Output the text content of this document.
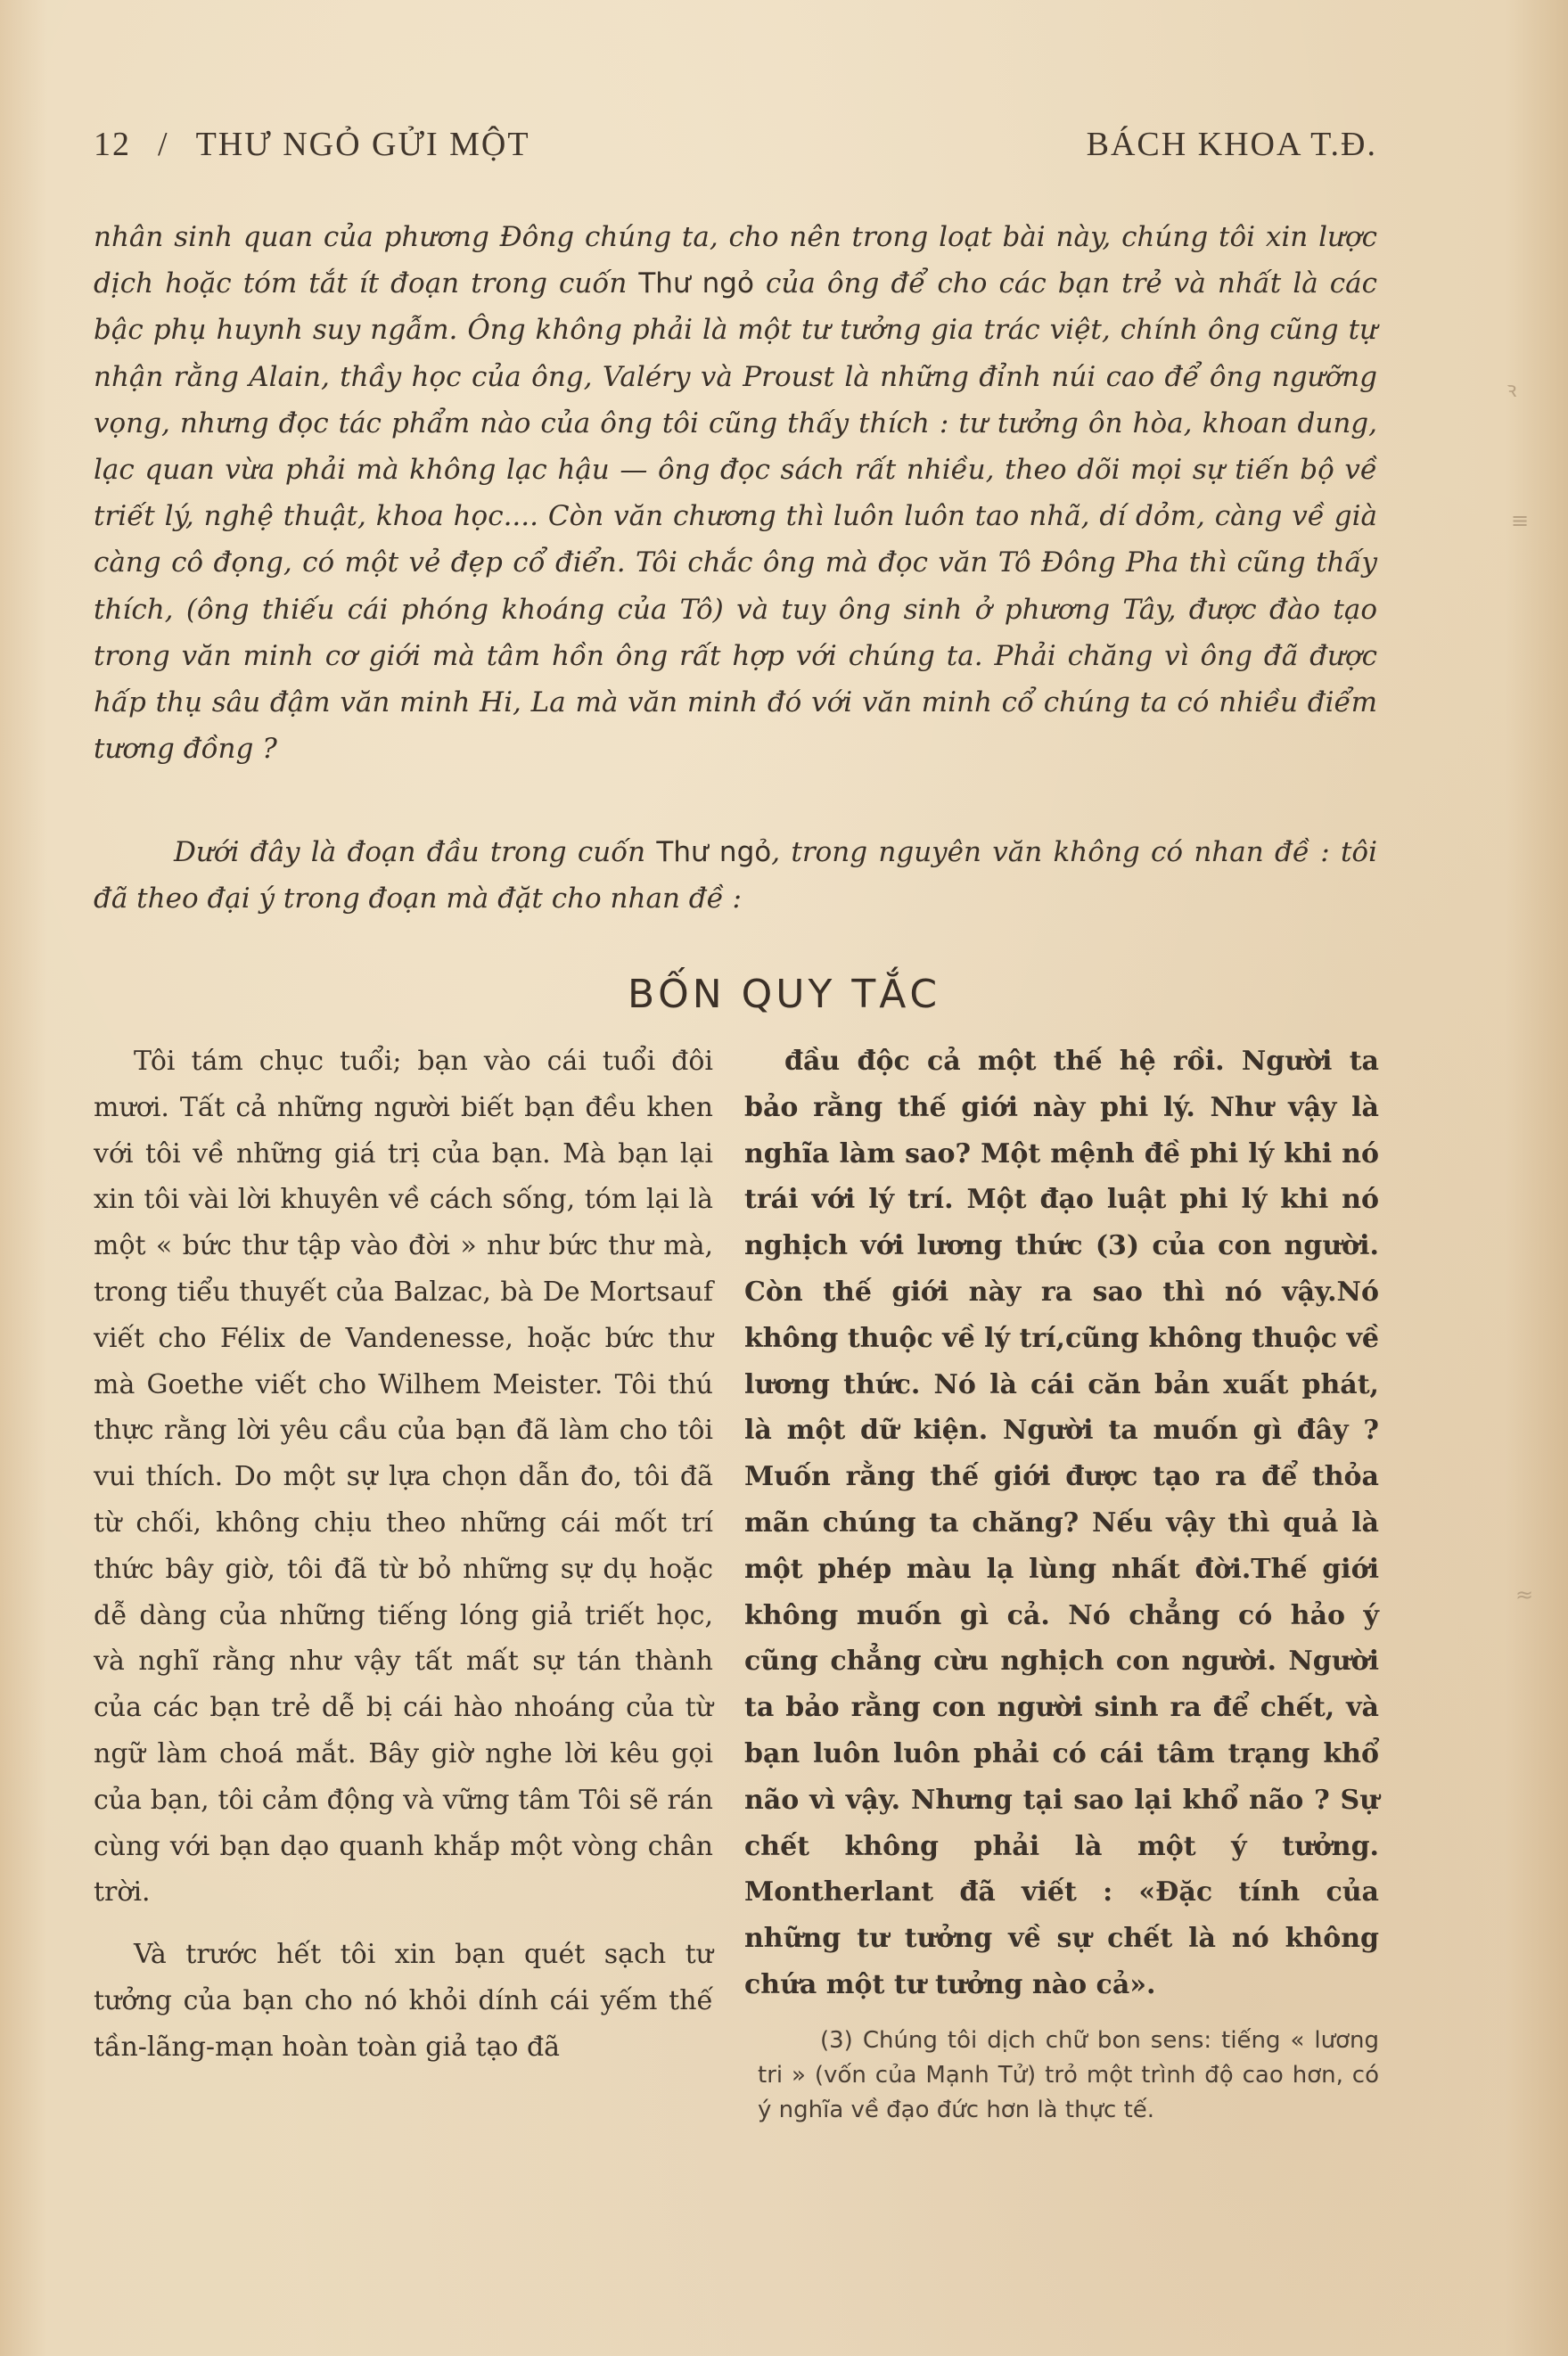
12 / THƯ NGỎ GỬI MỘT	BÁCH KHOA T.Đ.

nhân sinh quan của phương Đông chúng ta, cho nên trong loạt bài này, chúng tôi xin lược dịch hoặc tóm tắt ít đoạn trong cuốn Thư ngỏ của ông để cho các bạn trẻ và nhất là các bậc phụ huynh suy ngẫm. Ông không phải là một tư tưởng gia trác việt, chính ông cũng tự nhận rằng Alain, thầy học của ông, Valéry và Proust là những đỉnh núi cao để ông ngưỡng vọng, nhưng đọc tác phẩm nào của ông tôi cũng thấy thích : tư tưởng ôn hòa, khoan dung, lạc quan vừa phải mà không lạc hậu — ông đọc sách rất nhiều, theo dõi mọi sự tiến bộ về triết lý, nghệ thuật, khoa học.... Còn văn chương thì luôn luôn tao nhã, dí dỏm, càng về già càng cô đọng, có một vẻ đẹp cổ điển. Tôi chắc ông mà đọc văn Tô Đông Pha thì cũng thấy thích, (ông thiếu cái phóng khoáng của Tô) và tuy ông sinh ở phương Tây, được đào tạo trong văn minh cơ giới mà tâm hồn ông rất hợp với chúng ta. Phải chăng vì ông đã được hấp thụ sâu đậm văn minh Hi, La mà văn minh đó với văn minh cổ chúng ta có nhiều điểm tương đồng ?

Dưới đây là đoạn đầu trong cuốn Thư ngỏ, trong nguyên văn không có nhan đề : tôi đã theo đại ý trong đoạn mà đặt cho nhan đề :

BỐN QUY TẮC

Tôi tám chục tuổi; bạn vào cái tuổi đôi mươi. Tất cả những người biết bạn đều khen với tôi về những giá trị của bạn. Mà bạn lại xin tôi vài lời khuyên về cách sống, tóm lại là một « bức thư tập vào đời » như bức thư mà, trong tiểu thuyết của Balzac, bà De Mortsauf viết cho Félix de Vandenesse, hoặc bức thư mà Goethe viết cho Wilhem Meister. Tôi thú thực rằng lời yêu cầu của bạn đã làm cho tôi vui thích. Do một sự lựa chọn dẫn đo, tôi đã từ chối, không chịu theo những cái mốt trí thức bây giờ, tôi đã từ bỏ những sự dụ hoặc dễ dàng của những tiếng lóng giả triết học, và nghĩ rằng như vậy tất mất sự tán thành của các bạn trẻ dễ bị cái hào nhoáng của từ ngữ làm choá mắt. Bây giờ nghe lời kêu gọi của bạn, tôi cảm động và vững tâm Tôi sẽ rán cùng với bạn dạo quanh khắp một vòng chân trời.

Và trước hết tôi xin bạn quét sạch tư tưởng của bạn cho nó khỏi dính cái yếm thế tần-lãng-mạn hoàn toàn giả tạo đã

đầu độc cả một thế hệ rồi. Người ta bảo rằng thế giới này phi lý. Như vậy là nghĩa làm sao? Một mệnh đề phi lý khi nó trái với lý trí. Một đạo luật phi lý khi nó nghịch với lương thức (3) của con người. Còn thế giới này ra sao thì nó vậy.Nó không thuộc về lý trí,cũng không thuộc về lương thức. Nó là cái căn bản xuất phát, là một dữ kiện. Người ta muốn gì đây ? Muốn rằng thế giới được tạo ra để thỏa mãn chúng ta chăng? Nếu vậy thì quả là một phép màu lạ lùng nhất đời.Thế giới không muốn gì cả. Nó chẳng có hảo ý cũng chẳng cừu nghịch con người. Người ta bảo rằng con người sinh ra để chết, và bạn luôn luôn phải có cái tâm trạng khổ não vì vậy. Nhưng tại sao lại khổ não ? Sự chết không phải là một ý tưởng. Montherlant đã viết : «Đặc tính của những tư tưởng về sự chết là nó không chứa một tư tưởng nào cả».

(3) Chúng tôi dịch chữ bon sens: tiếng « lương tri » (vốn của Mạnh Tử) trỏ một trình độ cao hơn, có ý nghĩa về đạo đức hơn là thực tế.

ꝛ
≡
≈
